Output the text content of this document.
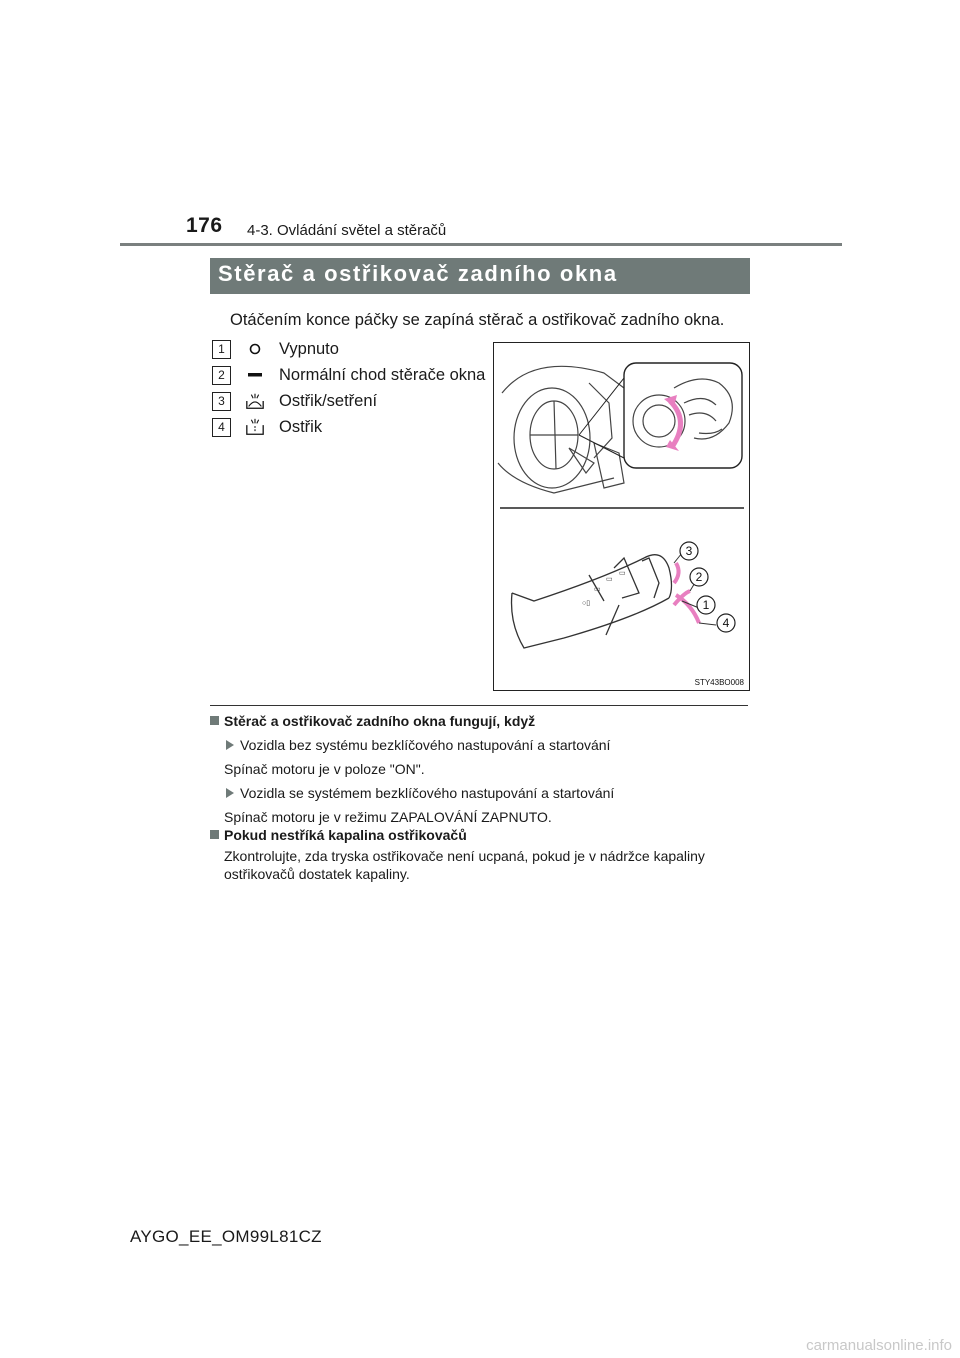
176 4-3. Ovládání světel a stěračů
Stěrač a ostřikovač zadního okna
Otáčením konce páčky se zapíná stěrač a ostřikovač zadního okna.
1	Vypnuto
2	Normální chod stěrače okna
3	Ostřik/setření
4	Ostřik
○▯
▭
▭
▭
3
2
1
4
STY43BO008
Stěrač a ostřikovač zadního okna fungují, když
Vozidla bez systému bezklíčového nastupování a startování
Spínač motoru je v poloze "ON".
Vozidla se systémem bezklíčového nastupování a startování
Spínač motoru je v režimu ZAPALOVÁNÍ ZAPNUTO.
Pokud nestříká kapalina ostřikovačů
Zkontrolujte, zda tryska ostřikovače není ucpaná, pokud je v nádržce kapaliny ostřikovačů dostatek kapaliny.
AYGO_EE_OM99L81CZ
carmanualsonline.info
